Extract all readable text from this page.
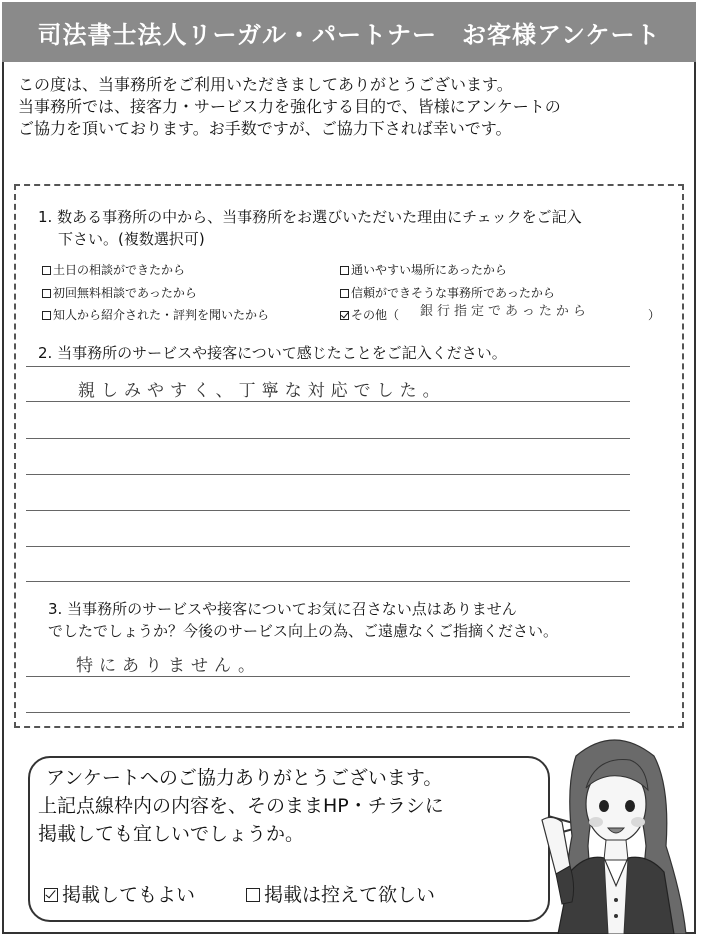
司法書士法人リーガル・パートナー　お客様アンケート
この度は、当事務所をご利用いただきましてありがとうございます。
当事務所では、接客力・サービス力を強化する目的で、皆様にアンケートの
ご協力を頂いております。お手数ですが、ご協力下されば幸いです。
1. 数ある事務所の中から、当事務所をお選びいただいた理由にチェックをご記入
下さい。(複数選択可)
土日の相談ができたから	通いやすい場所にあったから
初回無料相談であったから	信頼ができそうな事務所であったから
知人から紹介された・評判を聞いたから	その他（ 銀行指定であったから	）
2. 当事務所のサービスや接客について感じたことをご記入ください。
親しみやすく、丁寧な対応でした。
3. 当事務所のサービスや接客についてお気に召さない点はありません
でしたでしょうか？今後のサービス向上の為、ご遠慮なくご指摘ください。
特にありません。
アンケートへのご協力ありがとうございます。
上記点線枠内の内容を、そのままHP・チラシに
掲載しても宜しいでしょうか。
掲載してもよい	掲載は控えて欲しい
